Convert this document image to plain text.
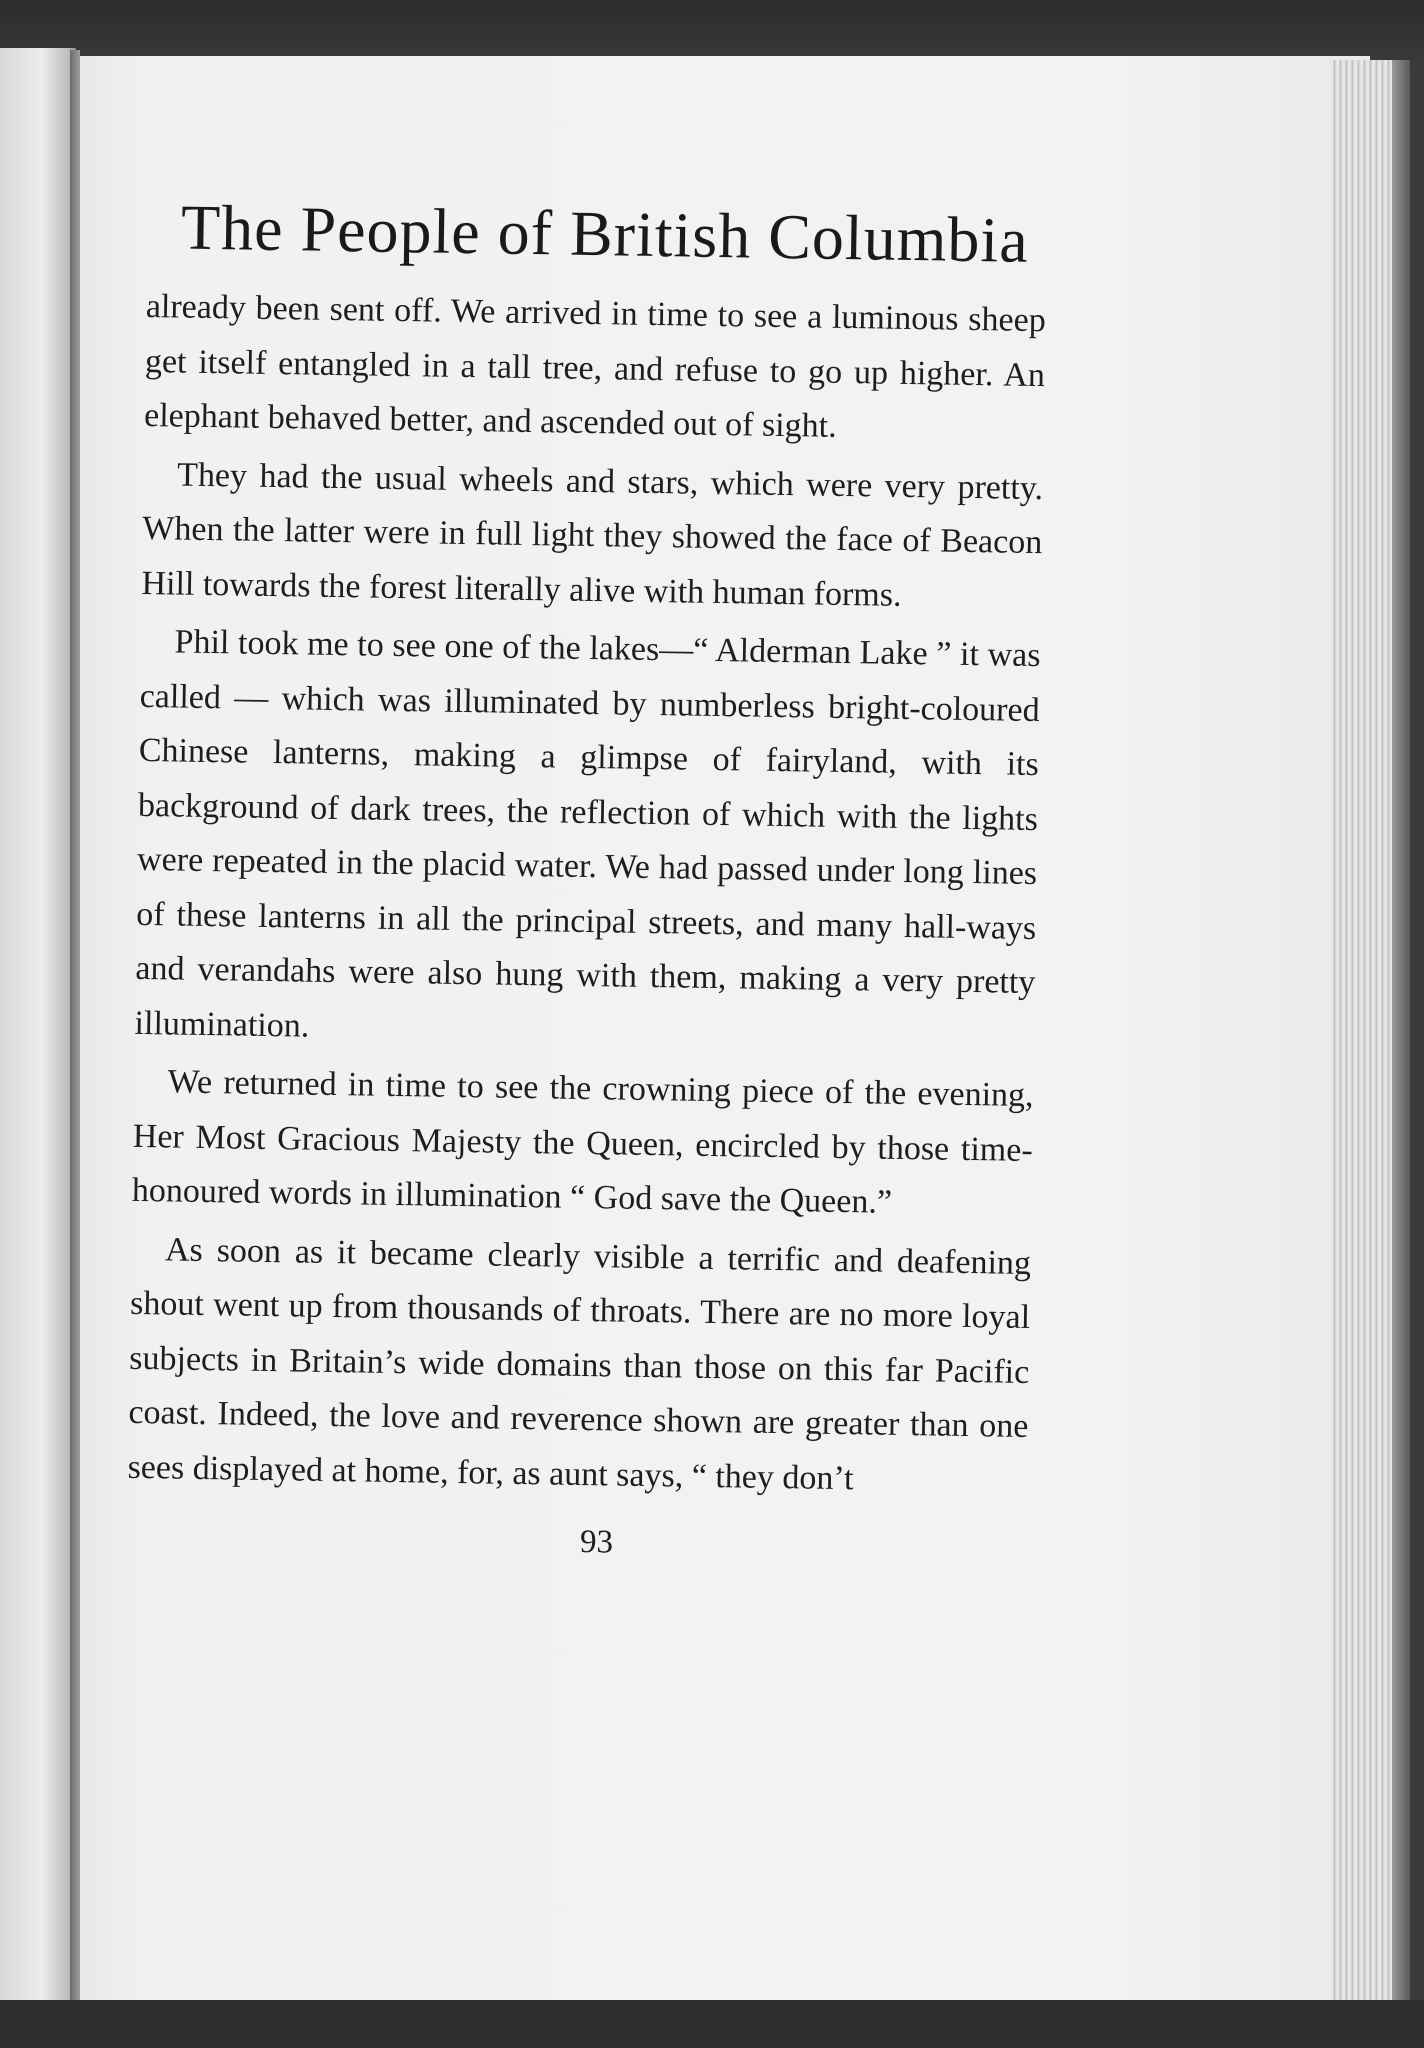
The People of British Columbia

already been sent off. We arrived in time to see a luminous sheep get itself entangled in a tall tree, and refuse to go up higher. An elephant behaved better, and ascended out of sight.

They had the usual wheels and stars, which were very pretty. When the latter were in full light they showed the face of Beacon Hill towards the forest literally alive with human forms.

Phil took me to see one of the lakes—“ Alderman Lake ” it was called — which was illuminated by numberless bright-coloured Chinese lanterns, making a glimpse of fairyland, with its background of dark trees, the reflection of which with the lights were repeated in the placid water. We had passed under long lines of these lanterns in all the principal streets, and many hall-ways and verandahs were also hung with them, making a very pretty illumination.

We returned in time to see the crowning piece of the evening, Her Most Gracious Majesty the Queen, encircled by those time-honoured words in illumination “ God save the Queen.”

As soon as it became clearly visible a terrific and deafening shout went up from thousands of throats. There are no more loyal subjects in Britain’s wide domains than those on this far Pacific coast. Indeed, the love and reverence shown are greater than one sees displayed at home, for, as aunt says, “ they don’t

93
